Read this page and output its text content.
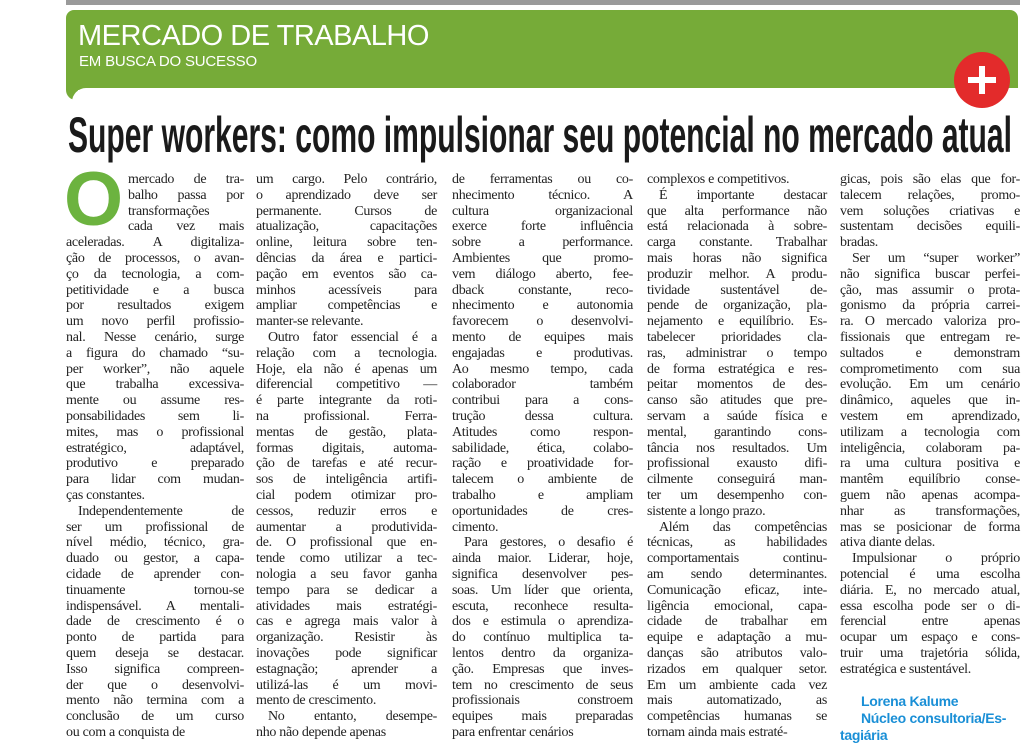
MERCADO DE TRABALHO
EM BUSCA DO SUCESSO
Super workers: como impulsionar seu potencial no mercado atual
O mercado de tra-
balho passa por
transformações
cada vez mais
aceleradas. A digitaliza-
ção de processos, o avan-
ço da tecnologia, a com-
petitividade e a busca
por resultados exigem
um novo perfil profissio-
nal. Nesse cenário, surge
a figura do chamado “su-
per worker”, não aquele
que trabalha excessiva-
mente ou assume res-
ponsabilidades sem li-
mites, mas o profissional
estratégico, adaptável,
produtivo e preparado
para lidar com mudan-
ças constantes.
Independentemente de
ser um profissional de
nível médio, técnico, gra-
duado ou gestor, a capa-
cidade de aprender con-
tinuamente tornou-se
indispensável. A mentali-
dade de crescimento é o
ponto de partida para
quem deseja se destacar.
Isso significa compreen-
der que o desenvolvi-
mento não termina com a
conclusão de um curso
ou com a conquista de
um cargo. Pelo contrário,
o aprendizado deve ser
permanente. Cursos de
atualização, capacitações
online, leitura sobre ten-
dências da área e partici-
pação em eventos são ca-
minhos acessíveis para
ampliar competências e
manter-se relevante.
Outro fator essencial é a
relação com a tecnologia.
Hoje, ela não é apenas um
diferencial competitivo —
é parte integrante da roti-
na profissional. Ferra-
mentas de gestão, plata-
formas digitais, automa-
ção de tarefas e até recur-
sos de inteligência artifi-
cial podem otimizar pro-
cessos, reduzir erros e
aumentar a produtivida-
de. O profissional que en-
tende como utilizar a tec-
nologia a seu favor ganha
tempo para se dedicar a
atividades mais estratégi-
cas e agrega mais valor à
organização. Resistir às
inovações pode significar
estagnação; aprender a
utilizá-las é um movi-
mento de crescimento.
No entanto, desempe-
nho não depende apenas
de ferramentas ou co-
nhecimento técnico. A
cultura organizacional
exerce forte influência
sobre a performance.
Ambientes que promo-
vem diálogo aberto, fee-
dback constante, reco-
nhecimento e autonomia
favorecem o desenvolvi-
mento de equipes mais
engajadas e produtivas.
Ao mesmo tempo, cada
colaborador também
contribui para a cons-
trução dessa cultura.
Atitudes como respon-
sabilidade, ética, colabo-
ração e proatividade for-
talecem o ambiente de
trabalho e ampliam
oportunidades de cres-
cimento.
Para gestores, o desafio é
ainda maior. Liderar, hoje,
significa desenvolver pes-
soas. Um líder que orienta,
escuta, reconhece resulta-
dos e estimula o aprendiza-
do contínuo multiplica ta-
lentos dentro da organiza-
ção. Empresas que inves-
tem no crescimento de seus
profissionais constroem
equipes mais preparadas
para enfrentar cenários
complexos e competitivos.
É importante destacar
que alta performance não
está relacionada à sobre-
carga constante. Trabalhar
mais horas não significa
produzir melhor. A produ-
tividade sustentável de-
pende de organização, pla-
nejamento e equilíbrio. Es-
tabelecer prioridades cla-
ras, administrar o tempo
de forma estratégica e res-
peitar momentos de des-
canso são atitudes que pre-
servam a saúde física e
mental, garantindo cons-
tância nos resultados. Um
profissional exausto difi-
cilmente conseguirá man-
ter um desempenho con-
sistente a longo prazo.
Além das competências
técnicas, as habilidades
comportamentais continu-
am sendo determinantes.
Comunicação eficaz, inte-
ligência emocional, capa-
cidade de trabalhar em
equipe e adaptação a mu-
danças são atributos valo-
rizados em qualquer setor.
Em um ambiente cada vez
mais automatizado, as
competências humanas se
tornam ainda mais estraté-
gicas, pois são elas que for-
talecem relações, promo-
vem soluções criativas e
sustentam decisões equili-
bradas.
Ser um “super worker”
não significa buscar perfei-
ção, mas assumir o prota-
gonismo da própria carrei-
ra. O mercado valoriza pro-
fissionais que entregam re-
sultados e demonstram
comprometimento com sua
evolução. Em um cenário
dinâmico, aqueles que in-
vestem em aprendizado,
utilizam a tecnologia com
inteligência, colaboram pa-
ra uma cultura positiva e
mantêm equilíbrio conse-
guem não apenas acompa-
nhar as transformações,
mas se posicionar de forma
ativa diante delas.
Impulsionar o próprio
potencial é uma escolha
diária. E, no mercado atual,
essa escolha pode ser o di-
ferencial entre apenas
ocupar um espaço e cons-
truir uma trajetória sólida,
estratégica e sustentável.
Lorena Kalume
Núcleo consultoria/Es-
tagiária
